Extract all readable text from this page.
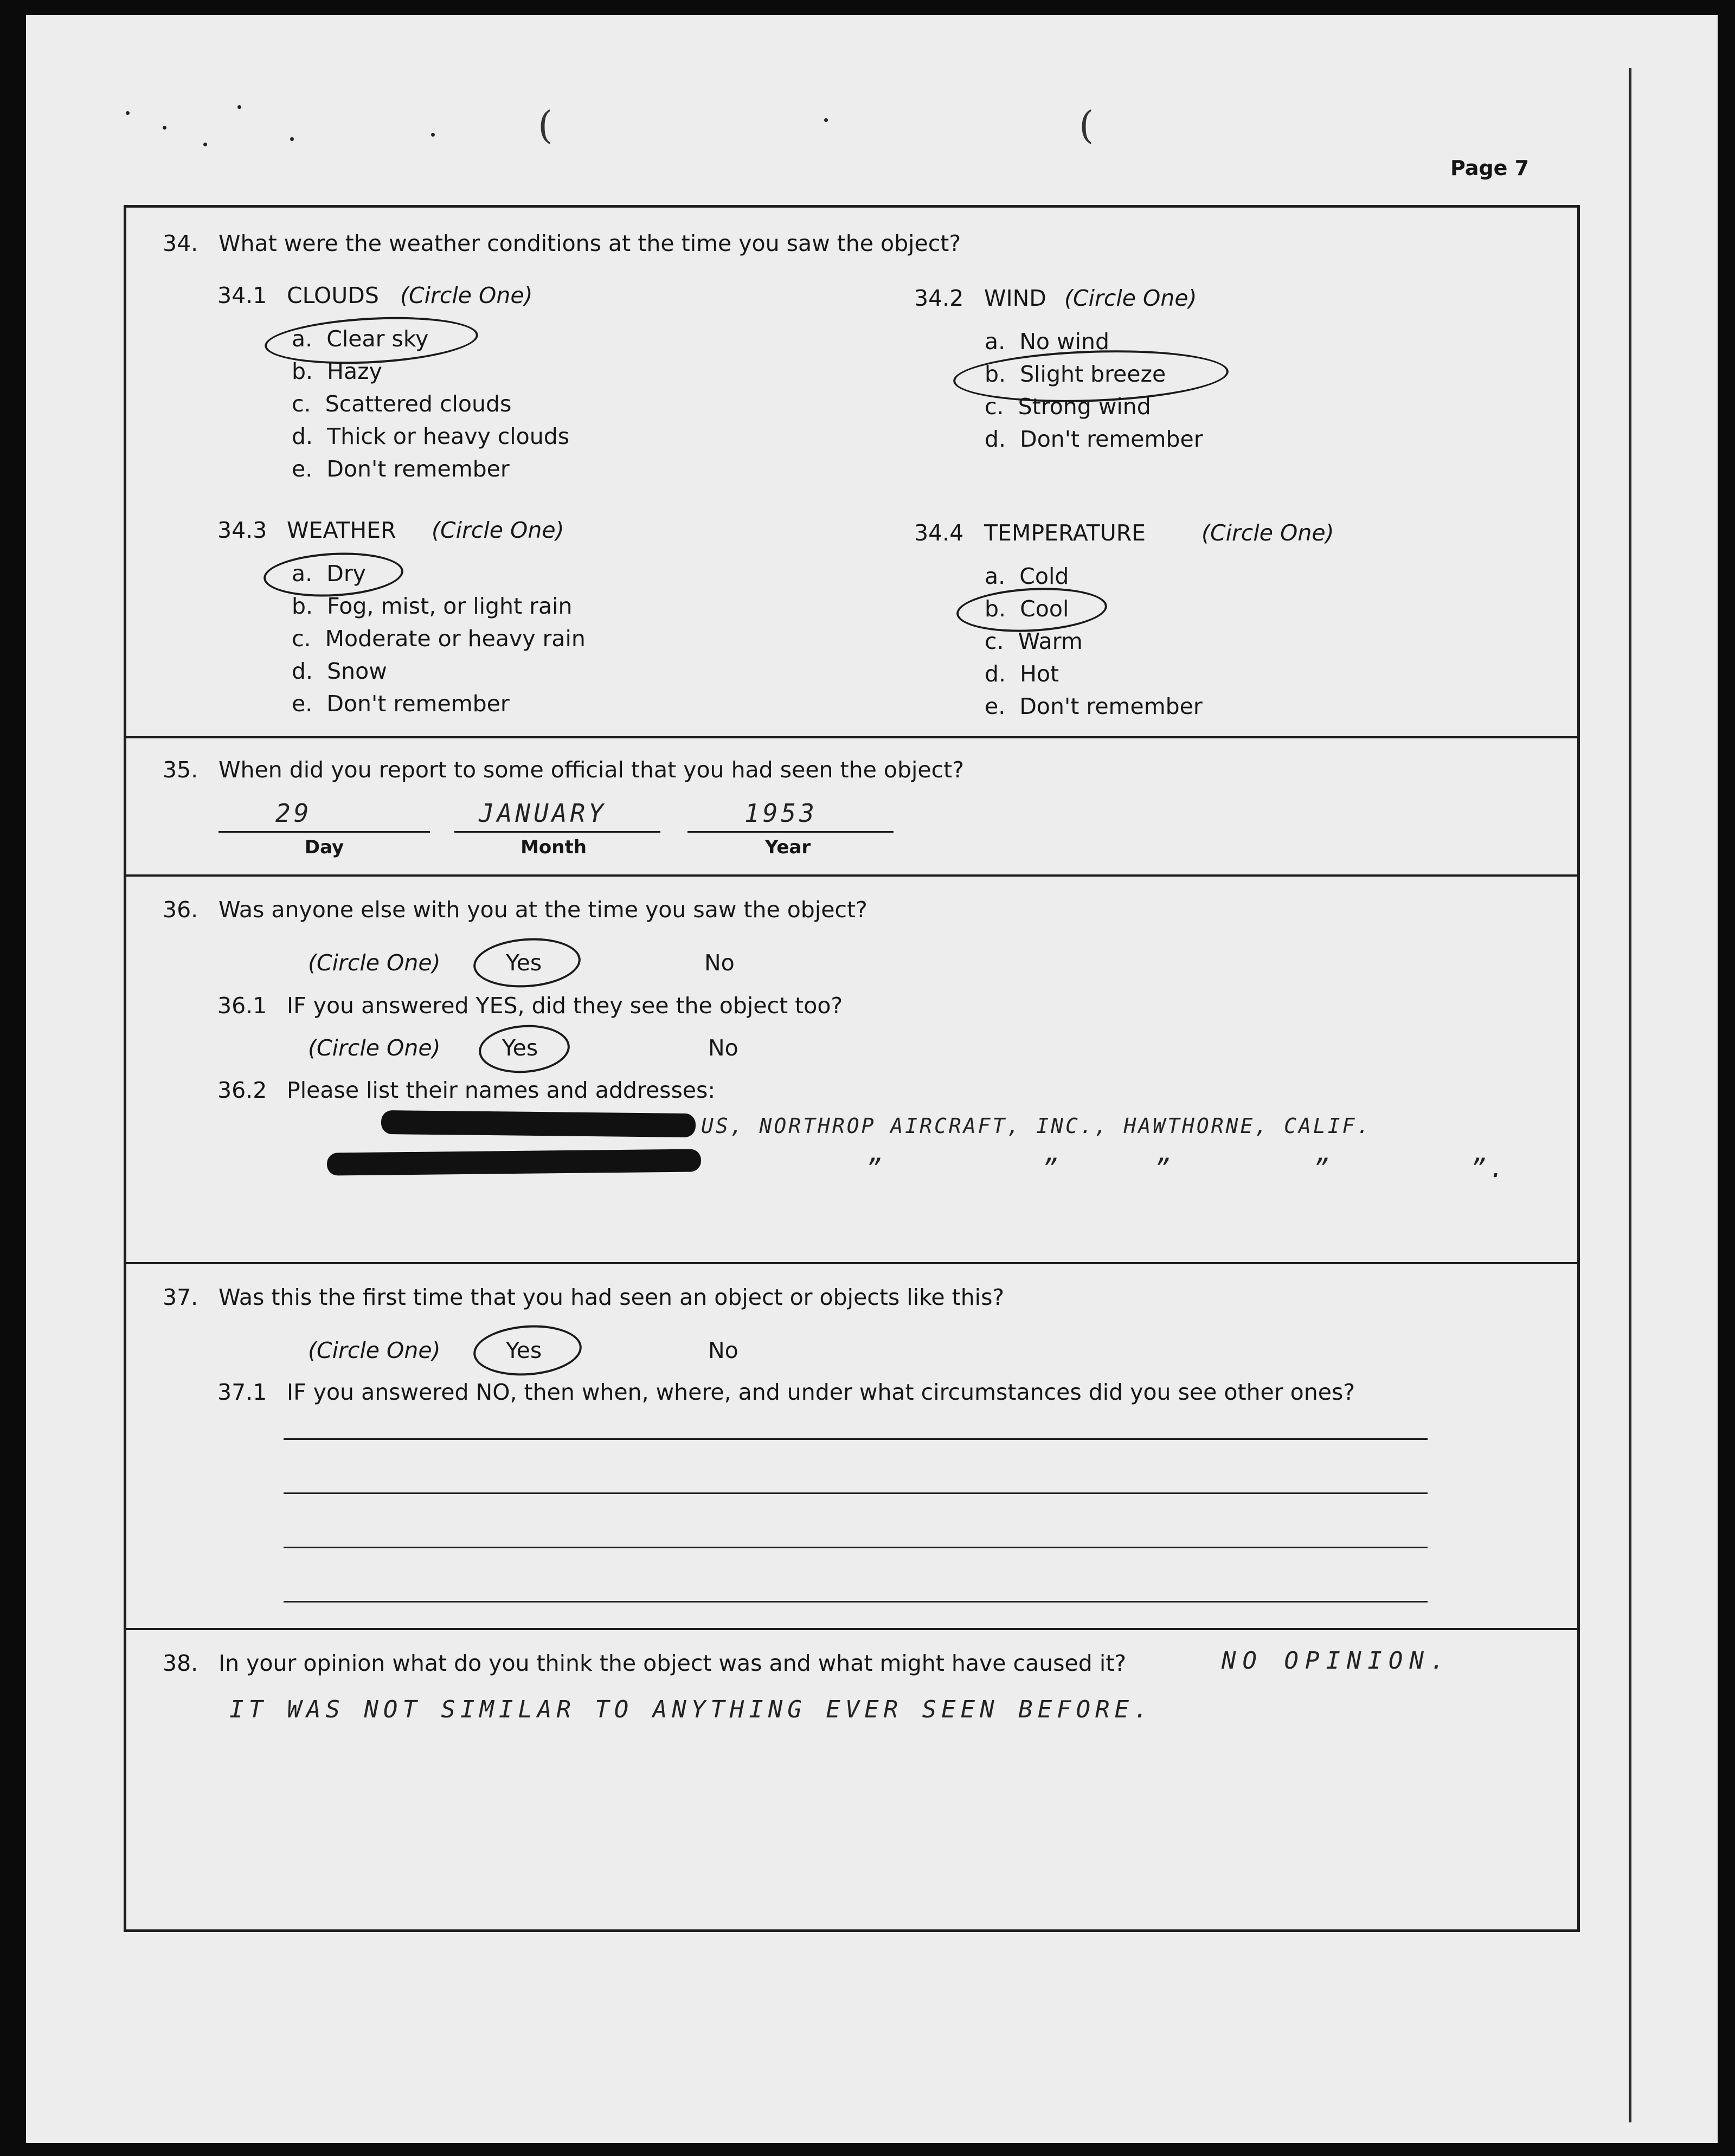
(	(
Page 7
34. What were the weather conditions at the time you saw the object?
34.1 CLOUDS (Circle One)
a. Clear sky
b. Hazy
c. Scattered clouds
d. Thick or heavy clouds
e. Don't remember
34.2 WIND (Circle One)
a. No wind
b. Slight breeze
c. Strong wind
d. Don't remember
34.3 WEATHER (Circle One)
a. Dry
b. Fog, mist, or light rain
c. Moderate or heavy rain
d. Snow
e. Don't remember
34.4 TEMPERATURE	(Circle One)
a. Cold
b. Cool
c. Warm
d. Hot
e. Don't remember
35. When did you report to some official that you had seen the object?
29
Day
JANUARY
Month
1953
Year
36. Was anyone else with you at the time you saw the object?
(Circle One)	Yes	No
36.1 IF you answered YES, did they see the object too?
(Circle One)	Yes	No
36.2 Please list their names and addresses:
US, NORTHROP AIRCRAFT, INC., HAWTHORNE, CALIF.
”	”	”	”	”.
37. Was this the first time that you had seen an object or objects like this?
(Circle One)	Yes	No
37.1 IF you answered NO, then when, where, and under what circumstances did you see other ones?
38. In your opinion what do you think the object was and what might have caused it?	NO OPINION.
IT WAS NOT SIMILAR TO ANYTHING EVER SEEN BEFORE.
